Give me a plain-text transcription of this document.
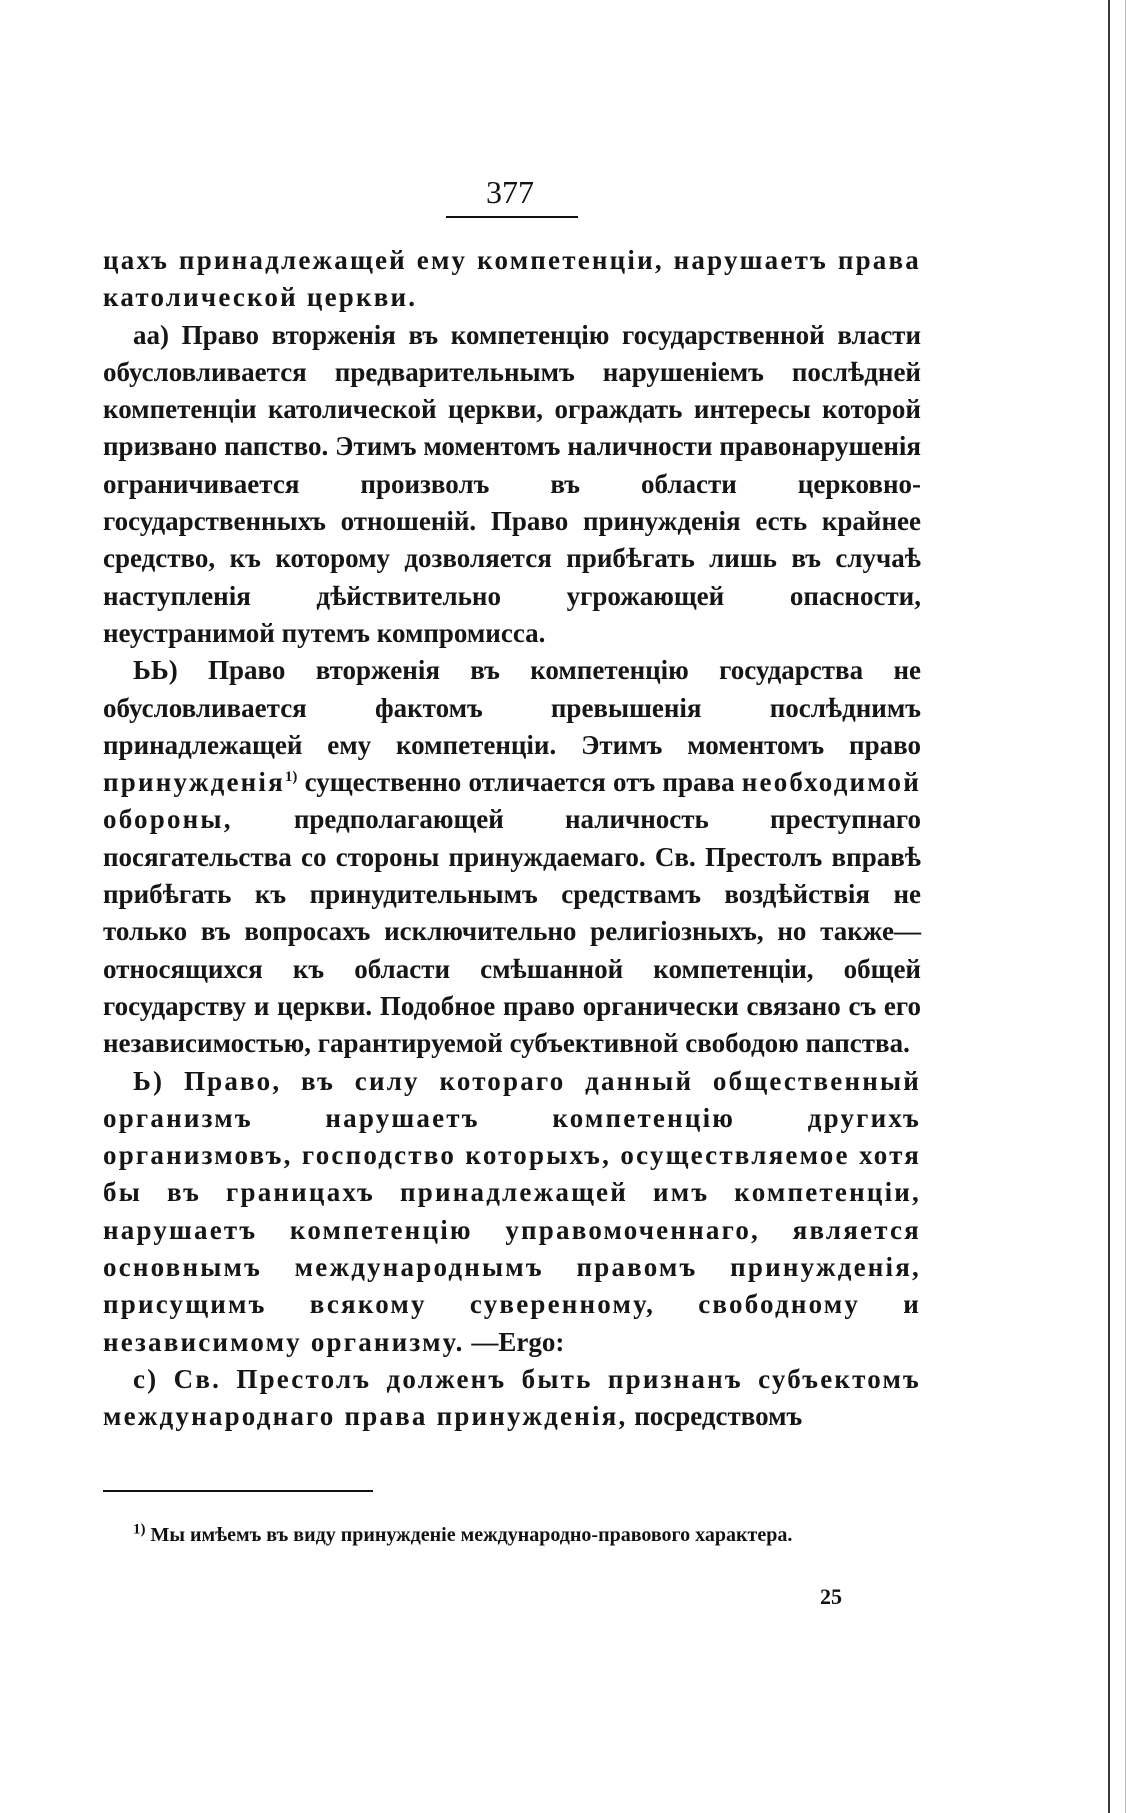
377

цахъ принадлежащей ему компетенціи, нарушаетъ права католической церкви.

аа) Право вторженія въ компетенцію государственной власти обусловливается предварительнымъ нарушеніемъ послѣдней компетенціи католической церкви, ограждать интересы которой призвано папство. Этимъ моментомъ наличности правонарушенія ограничивается произволъ въ области церковно-государственныхъ отношеній. Право принужденія есть крайнее средство, къ которому дозволяется прибѣгать лишь въ случаѣ наступленія дѣйствительно угрожающей опасности, неустранимой путемъ компромисса.

ЬЬ) Право вторженія въ компетенцію государства не обусловливается фактомъ превышенія послѣднимъ принадлежащей ему компетенціи. Этимъ моментомъ право принужденія$^{1)}$ существенно отличается отъ права необходимой обороны, предполагающей наличность преступнаго посягательства со стороны принуждаемаго. Св. Престолъ вправѣ прибѣгать къ принудительнымъ средствамъ воздѣйствія не только въ вопросахъ исключительно религіозныхъ, но также—относящихся къ области смѣшанной компетенціи, общей государству и церкви. Подобное право органически связано съ его независимостью, гарантируемой субъективной свободою папства.

Ь) Право, въ силу котораго данный общественный организмъ нарушаетъ компетенцію другихъ организмовъ, господство которыхъ, осуществляемое хотя бы въ границахъ принадлежащей имъ компетенціи, нарушаетъ компетенцію управомоченнаго, является основнымъ международнымъ правомъ принужденія, присущимъ всякому суверенному, свободному и независимому организму. —Ergo:

с) Св. Престолъ долженъ быть признанъ субъектомъ международнаго права принужденія, посредствомъ

$^{1)}$ Мы имѣемъ въ виду принужденіе международно-правового характера.
25
